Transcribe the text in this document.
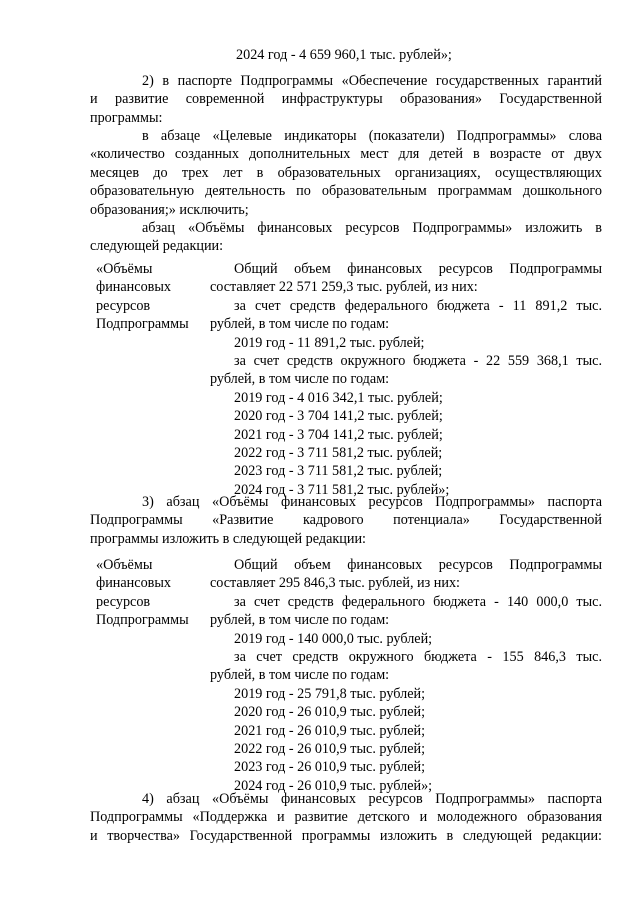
2024 год - 4 659 960,1 тыс. рублей»;
2) в паспорте Подпрограммы «Обеспечение государственных гарантий
и развитие современной инфраструктуры образования» Государственной
программы:
в абзаце «Целевые индикаторы (показатели) Подпрограммы» слова
«количество созданных дополнительных мест для детей в возрасте от двух
месяцев до трех лет в образовательных организациях, осуществляющих
образовательную деятельность по образовательным программам дошкольного
образования;» исключить;
абзац «Объёмы финансовых ресурсов Подпрограммы» изложить в
следующей редакции:
«Объёмы
финансовых
ресурсов
Подпрограммы
Общий объем финансовых ресурсов Подпрограммы
составляет 22 571 259,3 тыс. рублей, из них:
за счет средств федерального бюджета - 11 891,2 тыс.
рублей, в том числе по годам:
2019 год - 11 891,2 тыс. рублей;
за счет средств окружного бюджета - 22 559 368,1 тыс.
рублей, в том числе по годам:
2019 год - 4 016 342,1 тыс. рублей;
2020 год - 3 704 141,2 тыс. рублей;
2021 год - 3 704 141,2 тыс. рублей;
2022 год - 3 711 581,2 тыс. рублей;
2023 год - 3 711 581,2 тыс. рублей;
2024 год - 3 711 581,2 тыс. рублей»;
3) абзац «Объёмы финансовых ресурсов Подпрограммы» паспорта
Подпрограммы «Развитие кадрового потенциала» Государственной
программы изложить в следующей редакции:
«Объёмы
финансовых
ресурсов
Подпрограммы
Общий объем финансовых ресурсов Подпрограммы
составляет 295 846,3 тыс. рублей, из них:
за счет средств федерального бюджета - 140 000,0 тыс.
рублей, в том числе по годам:
2019 год - 140 000,0 тыс. рублей;
за счет средств окружного бюджета - 155 846,3 тыс.
рублей, в том числе по годам:
2019 год - 25 791,8 тыс. рублей;
2020 год - 26 010,9 тыс. рублей;
2021 год - 26 010,9 тыс. рублей;
2022 год - 26 010,9 тыс. рублей;
2023 год - 26 010,9 тыс. рублей;
2024 год - 26 010,9 тыс. рублей»;
4) абзац «Объёмы финансовых ресурсов Подпрограммы» паспорта
Подпрограммы «Поддержка и развитие детского и молодежного образования
и творчества» Государственной программы изложить в следующей редакции:
